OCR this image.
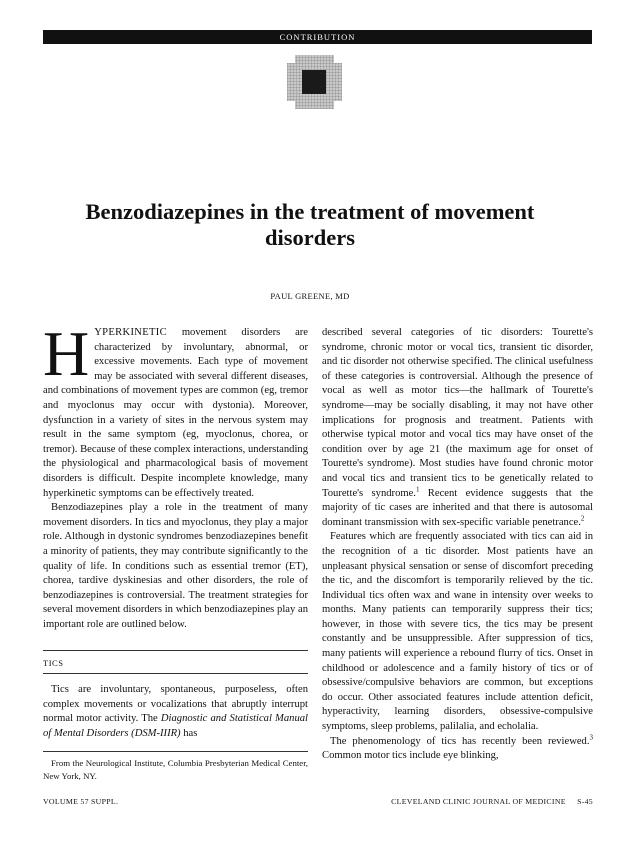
CONTRIBUTION
Benzodiazepines in the treatment of movement disorders
PAUL GREENE, MD

HYPERKINETIC movement disorders are characterized by involuntary, abnormal, or excessive movements. Each type of movement may be associated with several different diseases, and combinations of movement types are common (eg, tremor and myoclonus may occur with dystonia). Moreover, dysfunction in a variety of sites in the nervous system may result in the same symptom (eg, myoclonus, chorea, or tremor). Because of these complex interactions, understanding the physiological and pharmacological basis of movement disorders is difficult. Despite incomplete knowledge, many hyperkinetic symptoms can be effectively treated.

Benzodiazepines play a role in the treatment of many movement disorders. In tics and myoclonus, they play a major role. Although in dystonic syndromes benzodiazepines benefit a minority of patients, they may contribute significantly to the quality of life. In conditions such as essential tremor (ET), chorea, tardive dyskinesias and other disorders, the role of benzodiazepines is controversial. The treatment strategies for several movement disorders in which benzodiazepines play an important role are outlined below.

TICS

Tics are involuntary, spontaneous, purposeless, often complex movements or vocalizations that abruptly interrupt normal motor activity. The Diagnostic and Statistical Manual of Mental Disorders (DSM-IIIR) has

From the Neurological Institute, Columbia Presbyterian Medical Center, New York, NY.

described several categories of tic disorders: Tourette's syndrome, chronic motor or vocal tics, transient tic disorder, and tic disorder not otherwise specified. The clinical usefulness of these categories is controversial. Although the presence of vocal as well as motor tics—the hallmark of Tourette's syndrome—may be socially disabling, it may not have other implications for prognosis and treatment. Patients with otherwise typical motor and vocal tics may have onset of the condition over by age 21 (the maximum age for onset of Tourette's syndrome). Most studies have found chronic motor and vocal tics and transient tics to be genetically related to Tourette's syndrome.$^1$ Recent evidence suggests that the majority of tic cases are inherited and that there is autosomal dominant transmission with sex-specific variable penetrance.$^2$

Features which are frequently associated with tics can aid in the recognition of a tic disorder. Most patients have an unpleasant physical sensation or sense of discomfort preceding the tic, and the discomfort is temporarily relieved by the tic. Individual tics often wax and wane in intensity over weeks to months. Many patients can temporarily suppress their tics; however, in those with severe tics, the tics may be present constantly and be unsuppressible. After suppression of tics, many patients will experience a rebound flurry of tics. Onset in childhood or adolescence and a family history of tics or of obsessive/compulsive behaviors are common, but exceptions do occur. Other associated features include attention deficit, hyperactivity, learning disorders, obsessive-compulsive symptoms, sleep problems, palilalia, and echolalia.

The phenomenology of tics has recently been reviewed.$^3$ Common motor tics include eye blinking,

VOLUME 57 SUPPL.	CLEVELAND CLINIC JOURNAL OF MEDICINE     S-45
